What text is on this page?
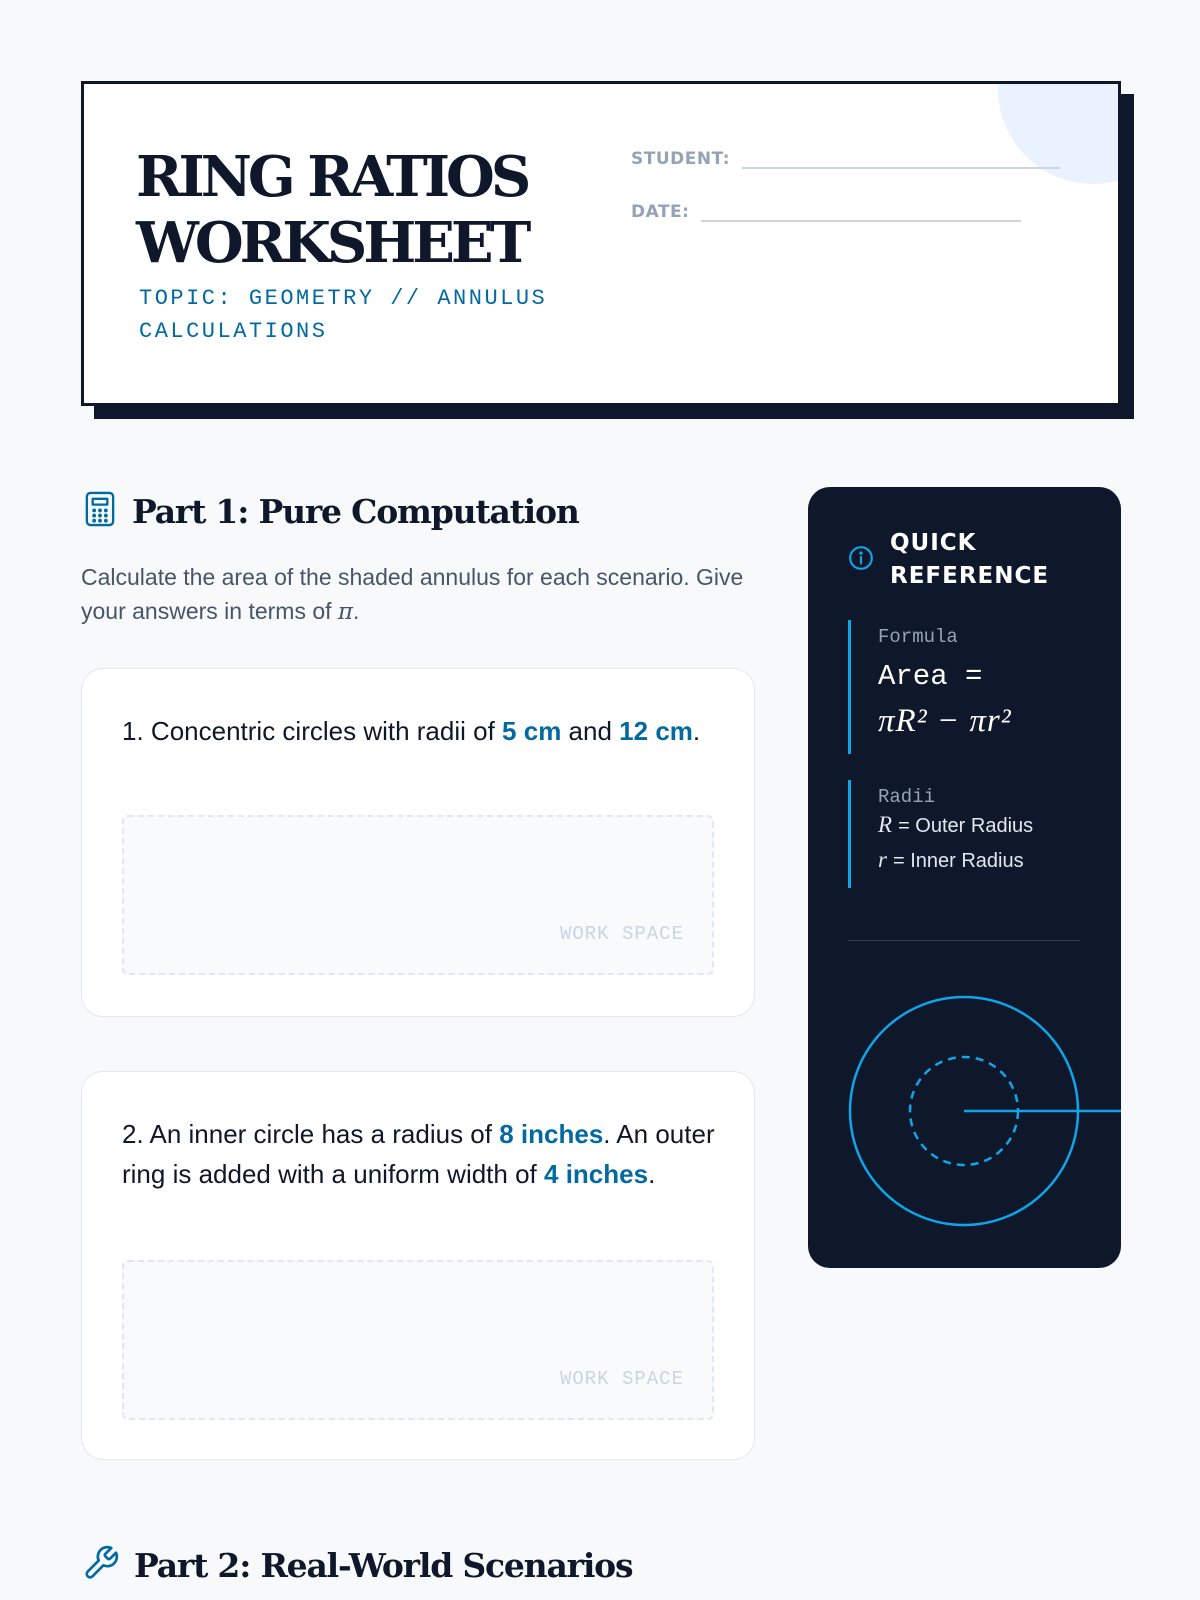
RING RATIOS
WORKSHEET
TOPIC: GEOMETRY // ANNULUS CALCULATIONS
STUDENT:
DATE:
Part 1: Pure Computation

Calculate the area of the shaded annulus for each scenario. Give your answers in terms of π.

1. Concentric circles with radii of 5 cm and 12 cm.

WORK SPACE

2. An inner circle has a radius of 8 inches. An outer ring is added with a uniform width of 4 inches.

WORK SPACE
QUICK REFERENCE
Formula
Area =
πR² − πr²
Radii
R = Outer Radius
r = Inner Radius
Part 2: Real-World Scenarios
